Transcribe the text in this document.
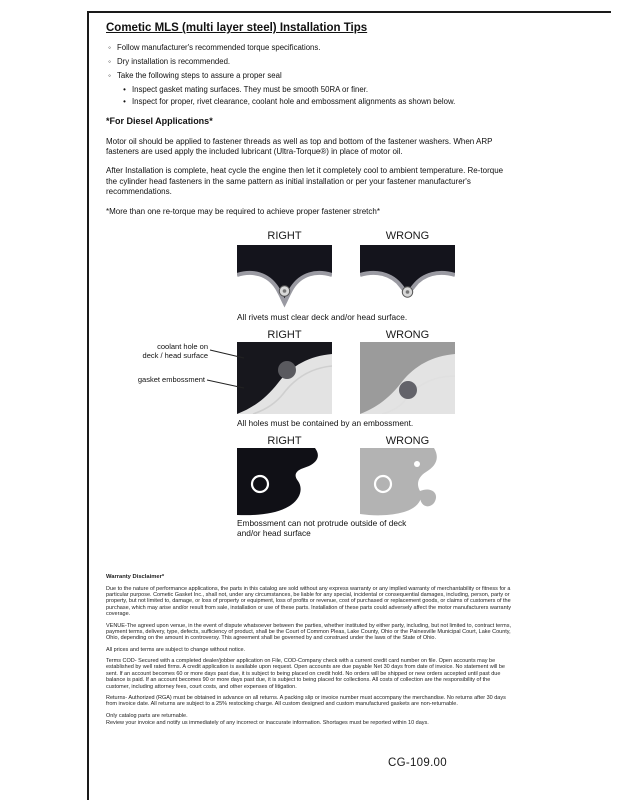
Cometic MLS (multi layer steel) Installation Tips
◦ Follow manufacturer's recommended torque specifications.
◦ Dry installation is recommended.
◦ Take the following steps to assure a proper seal
• Inspect gasket mating surfaces. They must be smooth 50RA or finer.
• Inspect for proper, rivet clearance, coolant hole and embossment alignments as shown below.
*For Diesel Applications*

Motor oil should be applied to fastener threads as well as top and bottom of the fastener washers. When ARP fasteners are used apply the included lubricant (Ultra-Torque®) in place of motor oil.

After Installation is complete, heat cycle the engine then let it completely cool to ambient temperature. Re-torque the cylinder head fasteners in the same pattern as initial installation or per your fastener manufacturer's recommendations.

*More than one re-torque may be required to achieve proper fastener stretch*

RIGHT	WRONG
All rivets must clear deck and/or head surface.
RIGHT	WRONG
coolant hole on
deck / head surface
gasket embossment
All holes must be contained by an embossment.
RIGHT	WRONG
Embossment can not protrude outside of deck and/or head surface
Warranty Disclaimer*

Due to the nature of performance applications, the parts in this catalog are sold without any express warranty or any implied warranty of merchantability or fitness for a particular purpose. Cometic Gasket Inc., shall not, under any circumstances, be liable for any special, incidental or consequential damages, including, person, party or property, but not limited to, damage, or loss of property or equipment, loss of profits or revenue, cost of purchased or replacement goods, or claims of customers of the purchase, which may arise and/or result from sale, installation or use of these parts. Installation of these parts could adversely affect the motor manufacturers warranty coverage.

VENUE-The agreed upon venue, in the event of dispute whatsoever between the parties, whether instituted by either party, including, but not limited to, contract terms, payment terms, delivery, type, defects, sufficiency of product, shall be the Court of Common Pleas, Lake County, Ohio or the Painesville Municipal Court, Lake County, Ohio, depending on the amount in controversy. This agreement shall be governed by and construed under the laws of the State of Ohio.

All prices and terms are subject to change without notice.

Terms COD- Secured with a completed dealer/jobber application on File, COD-Company check with a current credit card number on file. Open accounts may be established by well rated firms. A credit application is available upon request. Open accounts are due payable Net 30 days from date of invoice. No statement will be sent. If an account becomes 60 or more days past due, it is subject to being placed on credit hold. No orders will be shipped or new orders accepted until past due balance is paid. If an account becomes 90 or more days past due, it is subject to being placed for collections. All costs of collection are the responsibility of the customer, including attorney fees, court costs, and other expenses of litigation.

Returns- Authorized (RGA) must be obtained in advance on all returns. A packing slip or invoice number must accompany the merchandise. No returns after 30 days from invoice date. All returns are subject to a 25% restocking charge. All custom designed and custom manufactured gaskets are non-returnable.

Only catalog parts are returnable.

Review your invoice and notify us immediately of any incorrect or inaccurate information. Shortages must be reported within 10 days.

CG-109.00
